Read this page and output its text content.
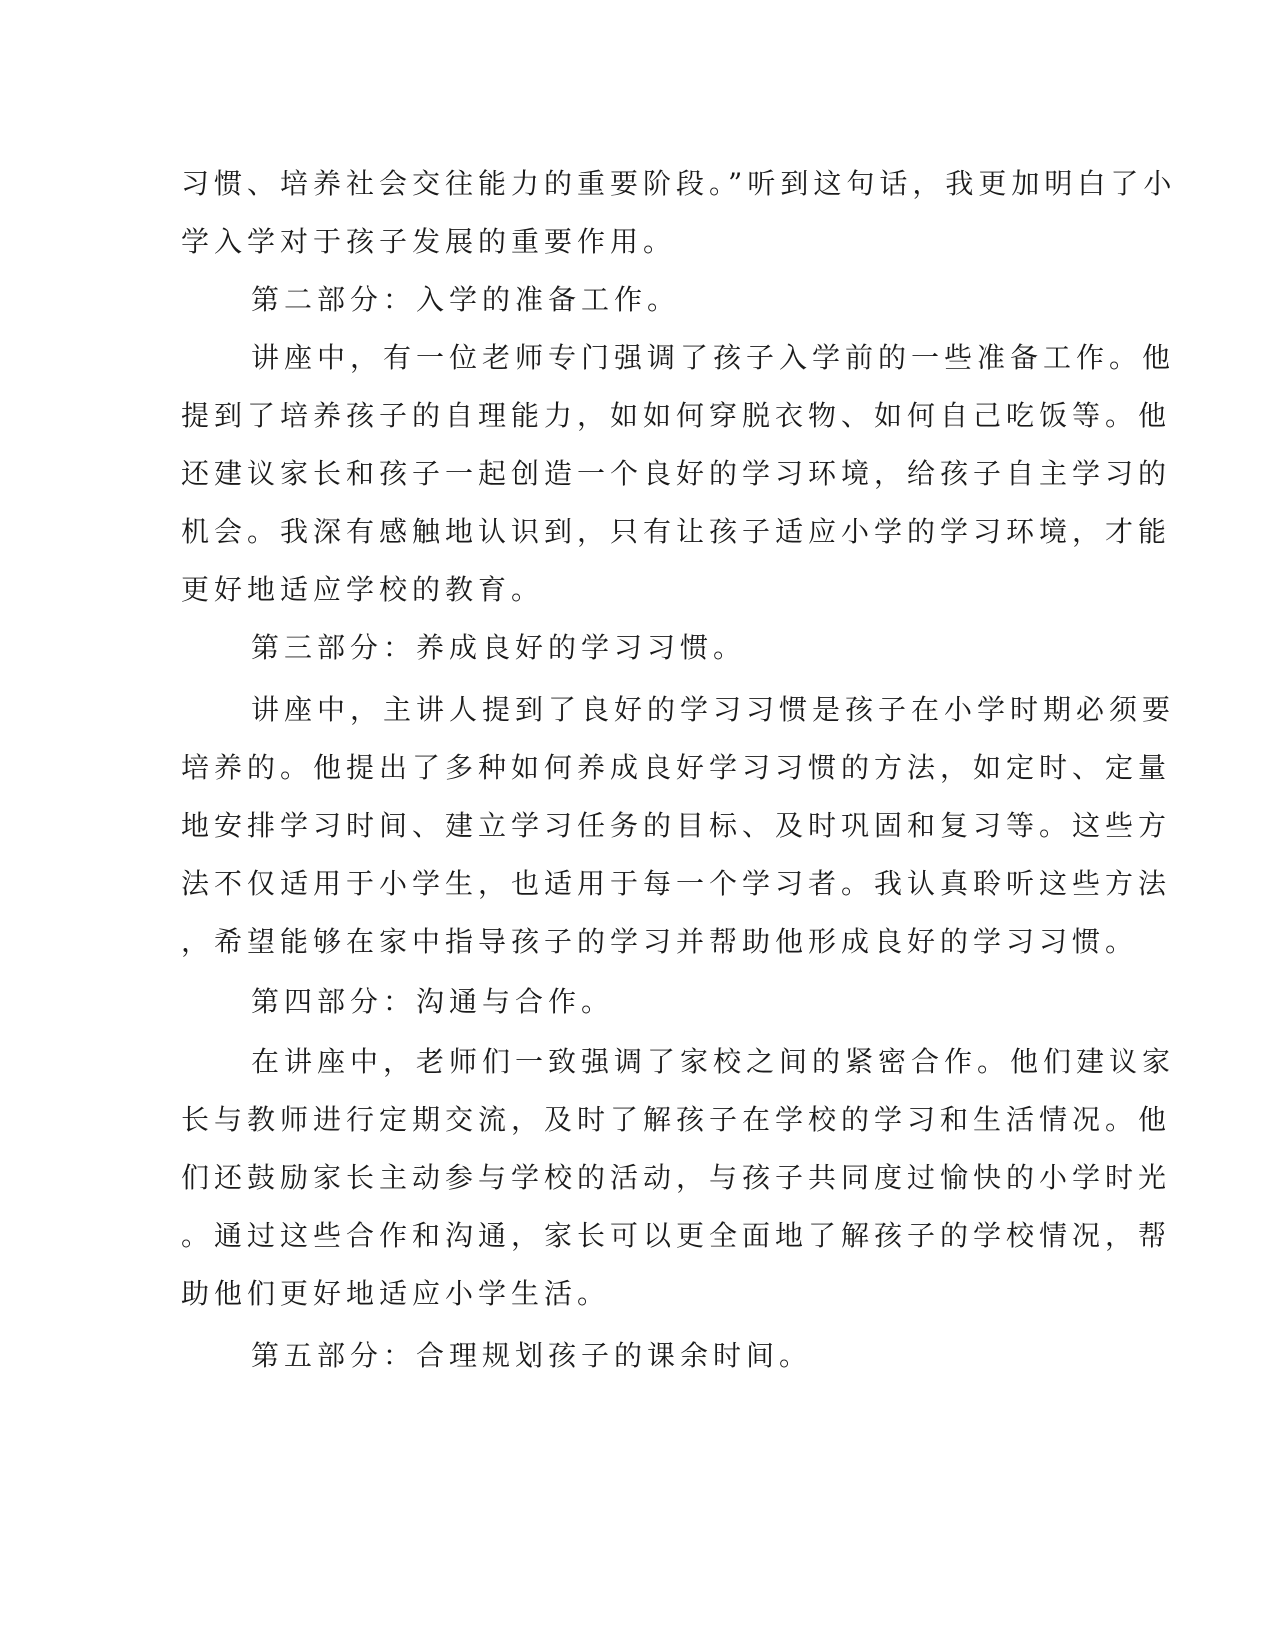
习惯、培养社会交往能力的重要阶段。”听到这句话，我更加明白了小

学入学对于孩子发展的重要作用。

第二部分：入学的准备工作。

讲座中，有一位老师专门强调了孩子入学前的一些准备工作。他

提到了培养孩子的自理能力，如如何穿脱衣物、如何自己吃饭等。他

还建议家长和孩子一起创造一个良好的学习环境，给孩子自主学习的

机会。我深有感触地认识到，只有让孩子适应小学的学习环境，才能

更好地适应学校的教育。

第三部分：养成良好的学习习惯。

讲座中，主讲人提到了良好的学习习惯是孩子在小学时期必须要

培养的。他提出了多种如何养成良好学习习惯的方法，如定时、定量

地安排学习时间、建立学习任务的目标、及时巩固和复习等。这些方

法不仅适用于小学生，也适用于每一个学习者。我认真聆听这些方法

，希望能够在家中指导孩子的学习并帮助他形成良好的学习习惯。

第四部分：沟通与合作。

在讲座中，老师们一致强调了家校之间的紧密合作。他们建议家

长与教师进行定期交流，及时了解孩子在学校的学习和生活情况。他

们还鼓励家长主动参与学校的活动，与孩子共同度过愉快的小学时光

。通过这些合作和沟通，家长可以更全面地了解孩子的学校情况，帮

助他们更好地适应小学生活。

第五部分：合理规划孩子的课余时间。
